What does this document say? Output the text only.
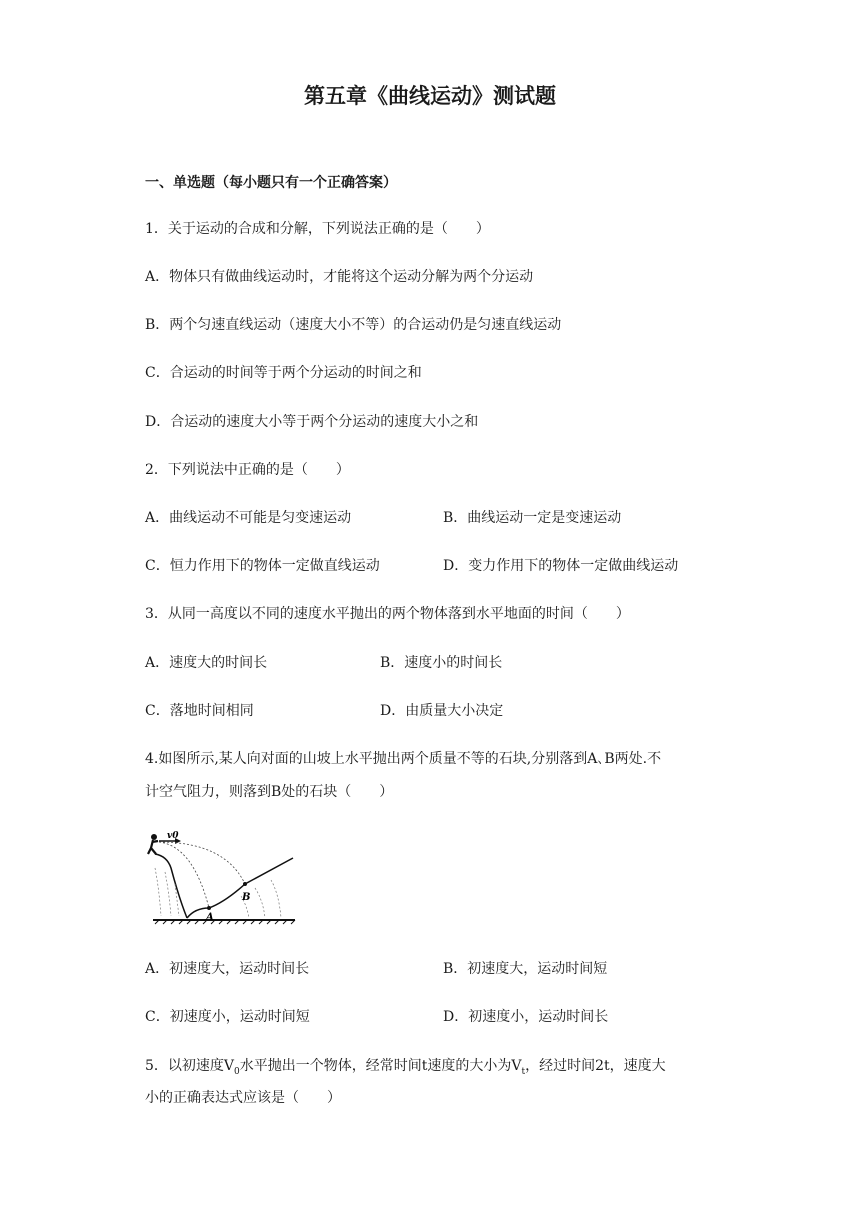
第五章《曲线运动》测试题
一、单选题（每小题只有一个正确答案）
1．关于运动的合成和分解，下列说法正确的是（　　）
A．物体只有做曲线运动时，才能将这个运动分解为两个分运动
B．两个匀速直线运动（速度大小不等）的合运动仍是匀速直线运动
C．合运动的时间等于两个分运动的时间之和
D．合运动的速度大小等于两个分运动的速度大小之和
2．下列说法中正确的是（　　）
A．曲线运动不可能是匀变速运动	B．曲线运动一定是变速运动
C．恒力作用下的物体一定做直线运动	D．变力作用下的物体一定做曲线运动
3．从同一高度以不同的速度水平抛出的两个物体落到水平地面的时间（　　）
A．速度大的时间长	B．速度小的时间长
C．落地时间相同	D．由质量大小决定
4.如图所示,某人向对面的山坡上水平抛出两个质量不等的石块,分别落到A､B两处.不
计空气阻力，则落到B处的石块（　　）
v0
A
B
A．初速度大，运动时间长	B．初速度大，运动时间短
C．初速度小，运动时间短	D．初速度小，运动时间长
5．以初速度$V_0$水平抛出一个物体，经常时间t速度的大小为$V_t$，经过时间2t，速度大
小的正确表达式应该是（　　）
